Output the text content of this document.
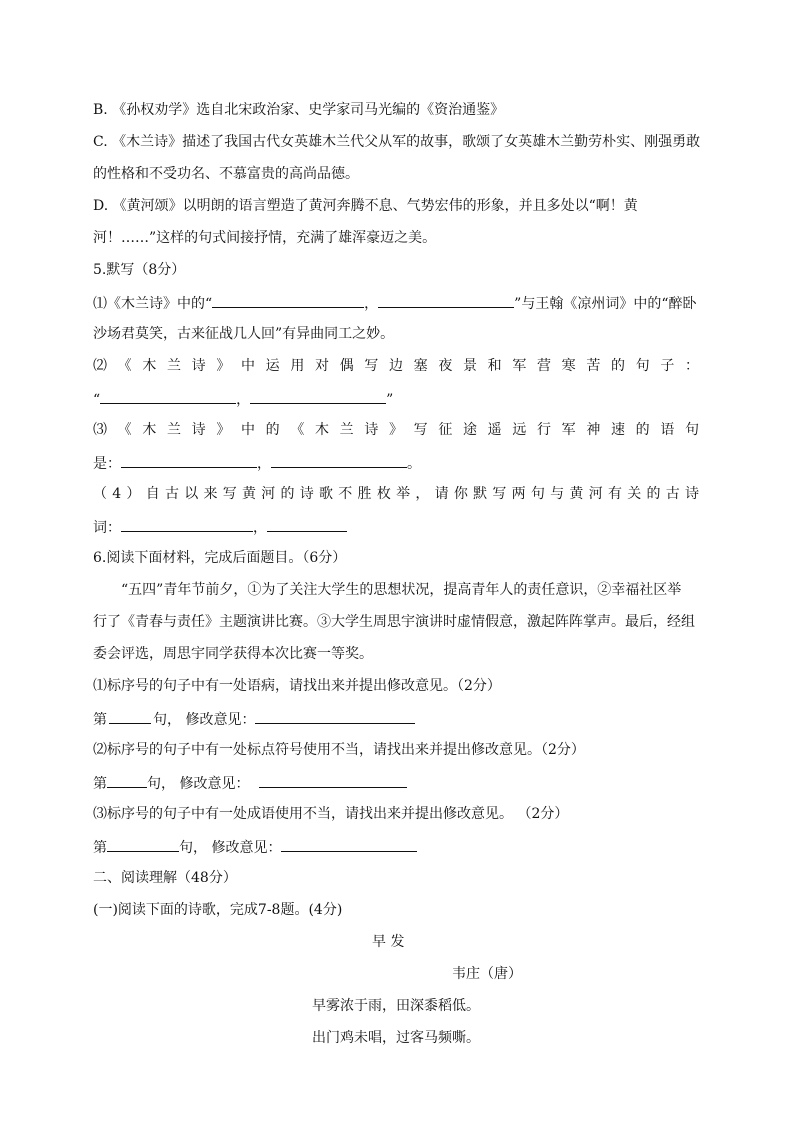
B. 《孙权劝学》选自北宋政治家、史学家司马光编的《资治通鉴》
C. 《木兰诗》描述了我国古代女英雄木兰代父从军的故事，歌颂了女英雄木兰勤劳朴实、刚强勇敢
的性格和不受功名、不慕富贵的高尚品德。
D. 《黄河颂》以明朗的语言塑造了黄河奔腾不息、气势宏伟的形象，并且多处以“啊！黄
河！……”这样的句式间接抒情，充满了雄浑豪迈之美。
5.默写（8分）
⑴《木兰诗》中的“	，	”与王翰《凉州词》中的“醉卧
沙场君莫笑，古来征战几人回”有异曲同工之妙。
⑵《木兰诗》中运用对偶写边塞夜景和军营寒苦的句子：
“	，	”
⑶《木兰诗》中的《木兰诗》写征途遥远行军神速的语句
是：	，	。
（4）自古以来写黄河的诗歌不胜枚举，请你默写两句与黄河有关的古诗
词：	，
6.阅读下面材料，完成后面题目。（6分）
“五四”青年节前夕，①为了关注大学生的思想状况，提高青年人的责任意识，②幸福社区举
行了《青春与责任》主题演讲比赛。③大学生周思宇演讲时虚情假意，激起阵阵掌声。最后，经组
委会评选，周思宇同学获得本次比赛一等奖。
⑴标序号的句子中有一处语病，请找出来并提出修改意见。（2分）
第	句， 修改意见：
⑵标序号的句子中有一处标点符号使用不当，请找出来并提出修改意见。（2分）
第	句， 修改意见：
⑶标序号的句子中有一处成语使用不当，请找出来并提出修改意见。 （2分）
第	句， 修改意见：
二、阅读理解（48分）
(一)阅读下面的诗歌，完成7-8题。(4分)
早 发
韦庄（唐）
早雾浓于雨，田深黍稻低。
出门鸡未唱，过客马频嘶。
